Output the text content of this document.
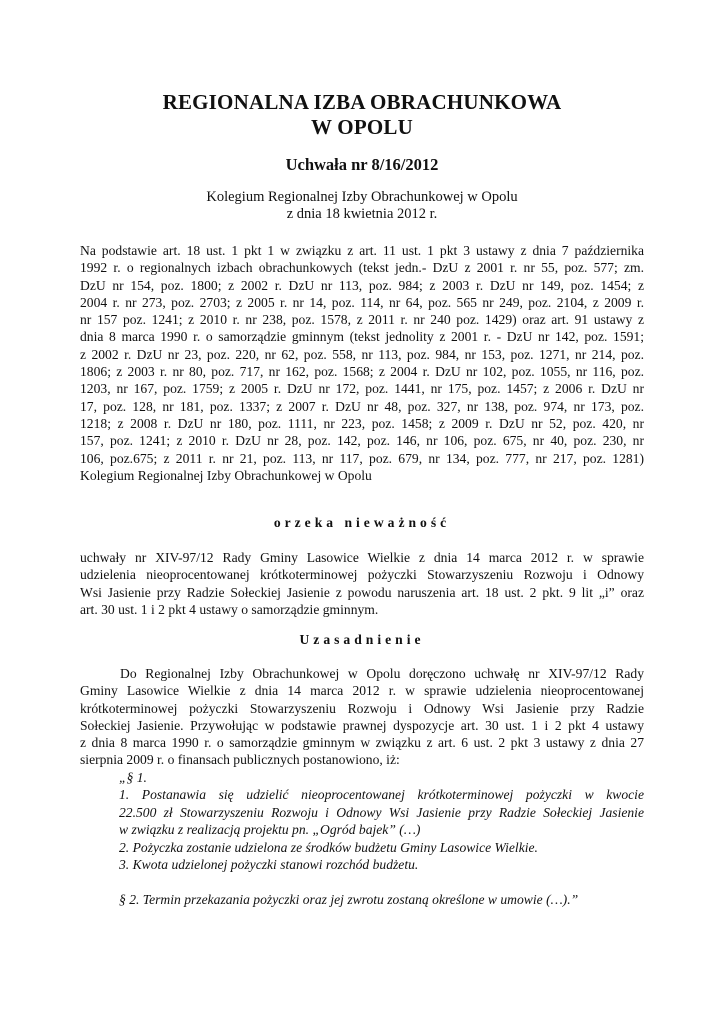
REGIONALNA IZBA OBRACHUNKOWA
W OPOLU
Uchwała nr 8/16/2012
Kolegium Regionalnej Izby Obrachunkowej w Opolu
z dnia 18 kwietnia 2012 r.
Na podstawie art. 18 ust. 1 pkt 1 w związku z art. 11 ust. 1 pkt 3 ustawy z dnia 7 października
1992 r. o regionalnych izbach obrachunkowych (tekst jedn.- DzU z 2001 r. nr 55, poz. 577; zm.
DzU nr 154, poz. 1800; z 2002 r. DzU nr 113, poz. 984; z 2003 r. DzU nr 149, poz. 1454; z
2004 r. nr 273, poz. 2703; z 2005 r. nr 14, poz. 114, nr 64, poz. 565 nr 249, poz. 2104, z 2009 r.
nr 157 poz. 1241; z 2010 r. nr 238, poz. 1578, z 2011 r. nr 240 poz. 1429) oraz art. 91 ustawy z
dnia 8 marca 1990 r. o samorządzie gminnym (tekst jednolity z 2001 r. - DzU nr 142, poz. 1591;
z 2002 r. DzU nr 23, poz. 220, nr 62, poz. 558, nr 113, poz. 984, nr 153, poz. 1271, nr 214, poz.
1806; z 2003 r. nr 80, poz. 717, nr 162, poz. 1568; z 2004 r. DzU nr 102, poz. 1055, nr 116, poz.
1203, nr 167, poz. 1759; z 2005 r. DzU nr 172, poz. 1441, nr 175, poz. 1457; z 2006 r. DzU nr
17, poz. 128, nr 181, poz. 1337; z 2007 r. DzU nr 48, poz. 327, nr 138, poz. 974, nr 173, poz.
1218; z 2008 r. DzU nr 180, poz. 1111, nr 223, poz. 1458; z 2009 r. DzU nr 52, poz. 420, nr
157, poz. 1241; z 2010 r. DzU nr 28, poz. 142, poz. 146, nr 106, poz. 675, nr 40, poz. 230, nr
106, poz.675; z 2011 r. nr 21, poz. 113, nr 117, poz. 679, nr 134, poz. 777, nr 217, poz. 1281)
Kolegium Regionalnej Izby Obrachunkowej w Opolu
orzeka nieważność
uchwały nr XIV-97/12 Rady Gminy Lasowice Wielkie z dnia 14 marca 2012 r. w sprawie
udzielenia nieoprocentowanej krótkoterminowej pożyczki Stowarzyszeniu Rozwoju i Odnowy
Wsi Jasienie przy Radzie Sołeckiej Jasienie z powodu naruszenia art. 18 ust. 2 pkt. 9 lit „i” oraz
art. 30 ust. 1 i 2 pkt 4 ustawy o samorządzie gminnym.
Uzasadnienie
Do Regionalnej Izby Obrachunkowej w Opolu doręczono uchwałę nr XIV-97/12 Rady
Gminy Lasowice Wielkie z dnia 14 marca 2012 r. w sprawie udzielenia nieoprocentowanej
krótkoterminowej pożyczki Stowarzyszeniu Rozwoju i Odnowy Wsi Jasienie przy Radzie
Sołeckiej Jasienie. Przywołując w podstawie prawnej dyspozycje art. 30 ust. 1 i 2 pkt 4 ustawy
z dnia 8 marca 1990 r. o samorządzie gminnym w związku z art. 6 ust. 2 pkt 3 ustawy z dnia 27
sierpnia 2009 r. o finansach publicznych postanowiono, iż:
„§ 1.
1. Postanawia się udzielić nieoprocentowanej krótkoterminowej pożyczki w kwocie
22.500 zł Stowarzyszeniu Rozwoju i Odnowy Wsi Jasienie przy Radzie Sołeckiej Jasienie
w związku z realizacją projektu pn. „Ogród bajek” (…)
2. Pożyczka zostanie udzielona ze środków budżetu Gminy Lasowice Wielkie.
3. Kwota udzielonej pożyczki stanowi rozchód budżetu.
§ 2. Termin przekazania pożyczki oraz jej zwrotu zostaną określone w umowie (…).”
